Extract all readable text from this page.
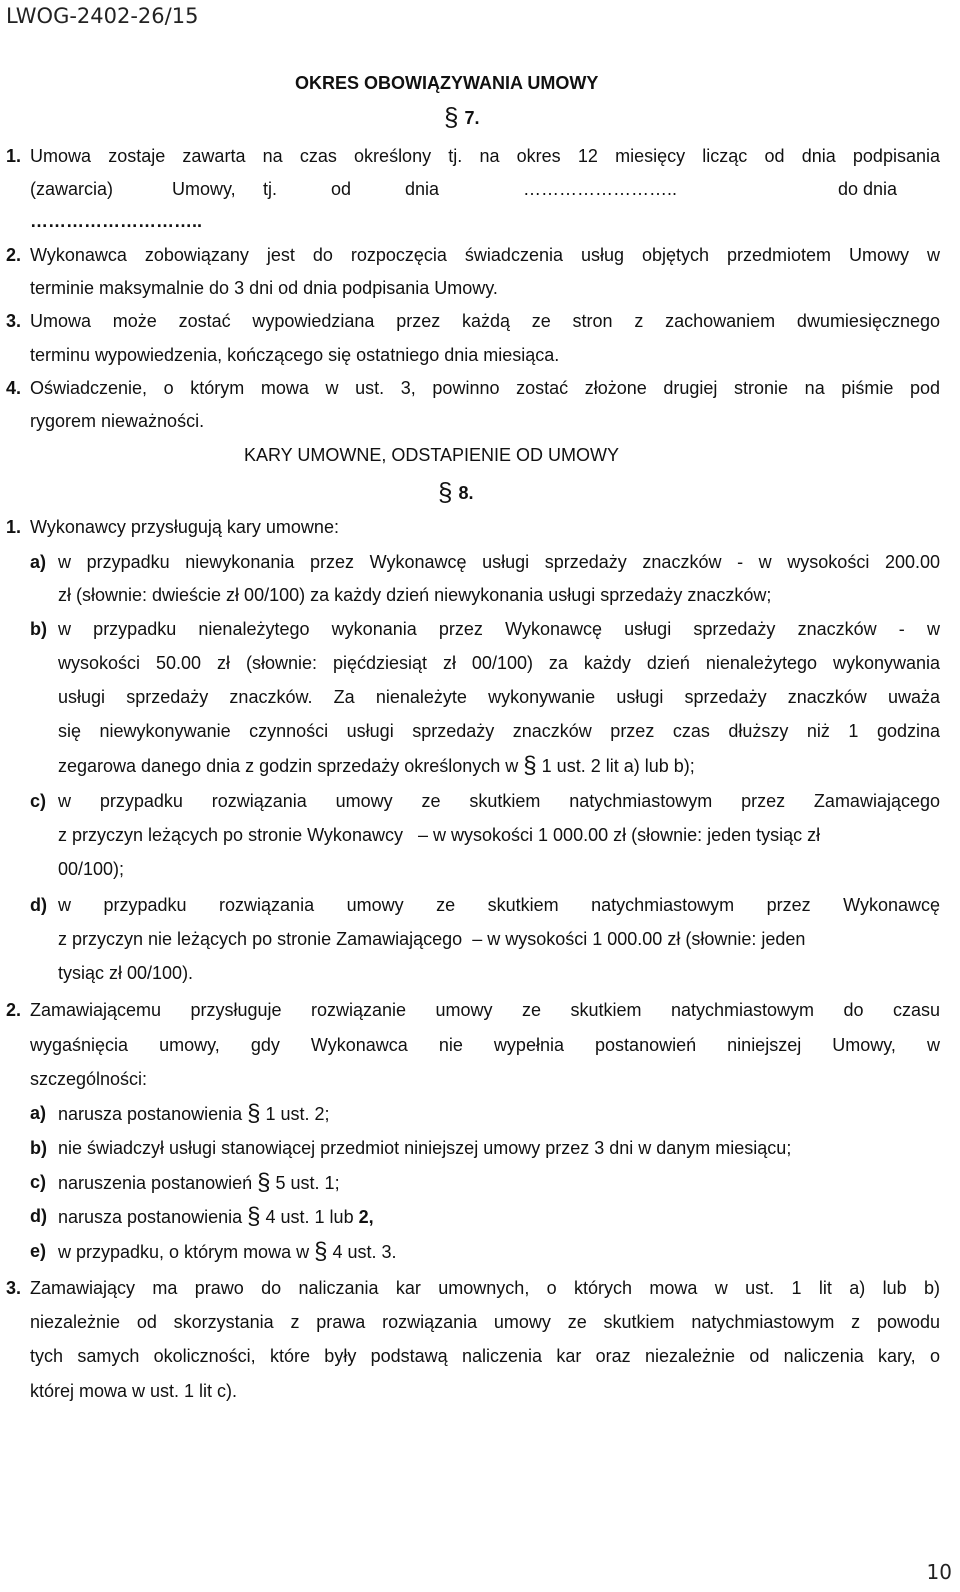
LWOG-2402-26/15
OKRES OBOWIĄZYWANIA UMOWY
§ 7.
1. Umowa zostaje zawarta na czas określony tj. na okres 12 miesięcy licząc od dnia podpisania
(zawarcia)	Umowy, tj.	od	dnia	……………………..	do dnia
………………………..
2. Wykonawca zobowiązany jest do rozpoczęcia świadczenia usług objętych przedmiotem Umowy w
terminie maksymalnie do 3 dni od dnia podpisania Umowy.
3. Umowa może zostać wypowiedziana przez każdą ze stron z zachowaniem dwumiesięcznego
terminu wypowiedzenia, kończącego się ostatniego dnia miesiąca.
4. Oświadczenie, o którym mowa w ust. 3, powinno zostać złożone drugiej stronie na piśmie pod
rygorem nieważności.
KARY UMOWNE, ODSTAPIENIE OD UMOWY
§ 8.
1. Wykonawcy przysługują kary umowne:
a) w przypadku niewykonania przez Wykonawcę usługi sprzedaży znaczków - w wysokości 200.00
zł (słownie: dwieście zł 00/100) za każdy dzień niewykonania usługi sprzedaży znaczków;
b) w przypadku nienależytego wykonania przez Wykonawcę usługi sprzedaży znaczków - w
wysokości 50.00 zł (słownie: pięćdziesiąt zł 00/100) za każdy dzień nienależytego wykonywania
usługi sprzedaży znaczków. Za nienależyte wykonywanie usługi sprzedaży znaczków uważa
się niewykonywanie czynności usługi sprzedaży znaczków przez czas dłuższy niż 1 godzina
zegarowa danego dnia z godzin sprzedaży określonych w § 1 ust. 2 lit a) lub b);
c) w przypadku rozwiązania umowy ze skutkiem natychmiastowym przez Zamawiającego
z przyczyn leżących po stronie Wykonawcy – w wysokości 1 000.00 zł (słownie: jeden tysiąc zł
00/100);
d) w przypadku rozwiązania umowy ze skutkiem natychmiastowym przez Wykonawcę
z przyczyn nie leżących po stronie Zamawiającego – w wysokości 1 000.00 zł (słownie: jeden
tysiąc zł 00/100).
2. Zamawiającemu przysługuje rozwiązanie umowy ze skutkiem natychmiastowym do czasu
wygaśnięcia umowy, gdy Wykonawca nie wypełnia postanowień niniejszej Umowy, w
szczególności:
a) narusza postanowienia § 1 ust. 2;
b) nie świadczył usługi stanowiącej przedmiot niniejszej umowy przez 3 dni w danym miesiącu;
c) naruszenia postanowień § 5 ust. 1;
d) narusza postanowienia § 4 ust. 1 lub 2,
e) w przypadku, o którym mowa w § 4 ust. 3.
3. Zamawiający ma prawo do naliczania kar umownych, o których mowa w ust. 1 lit a) lub b)
niezależnie od skorzystania z prawa rozwiązania umowy ze skutkiem natychmiastowym z powodu
tych samych okoliczności, które były podstawą naliczenia kar oraz niezależnie od naliczenia kary, o
której mowa w ust. 1 lit c).
10
